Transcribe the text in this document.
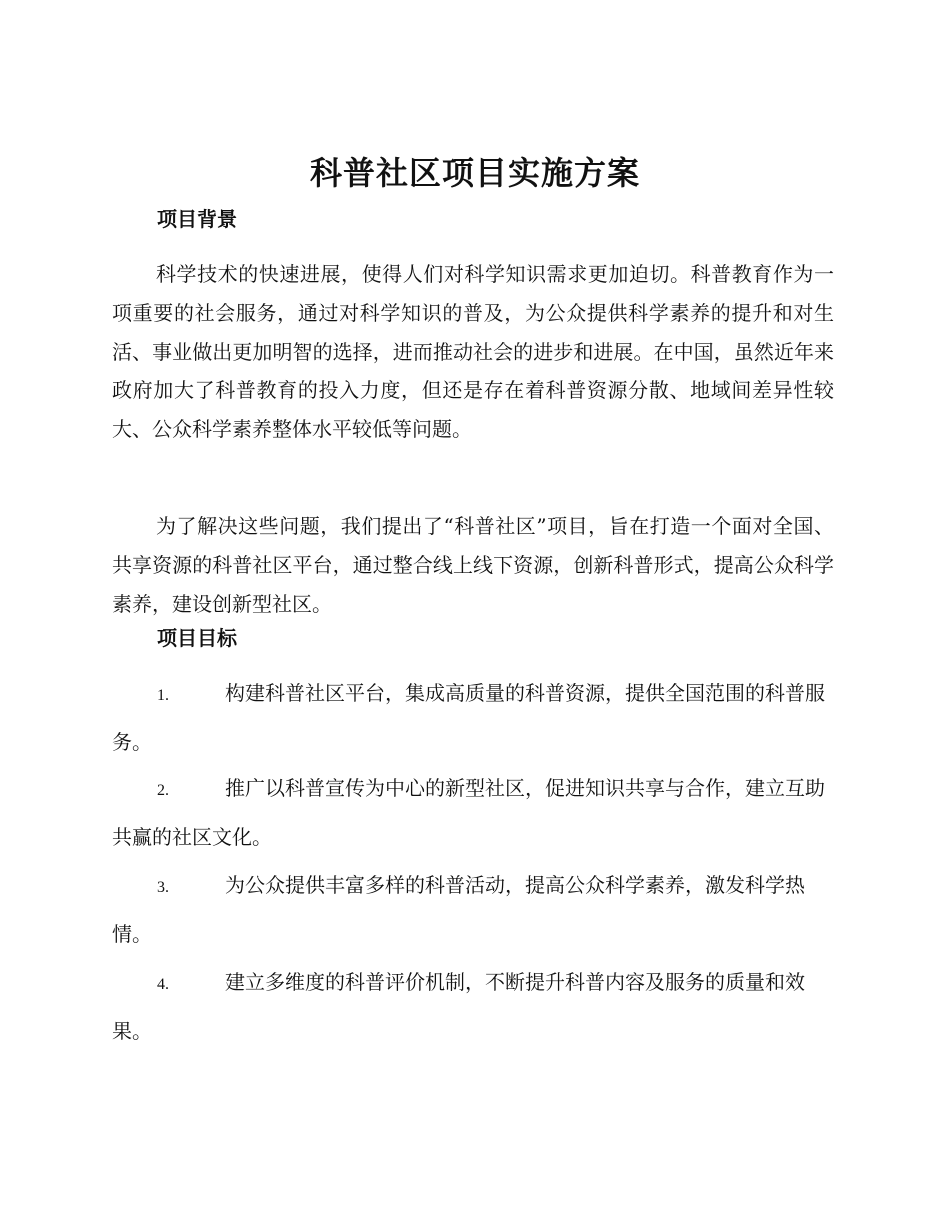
科普社区项目实施方案
项目背景

科学技术的快速进展，使得人们对科学知识需求更加迫切。科普教育作为一项重要的社会服务，通过对科学知识的普及，为公众提供科学素养的提升和对生活、事业做出更加明智的选择，进而推动社会的进步和进展。在中国，虽然近年来政府加大了科普教育的投入力度，但还是存在着科普资源分散、地域间差异性较大、公众科学素养整体水平较低等问题。

为了解决这些问题，我们提出了“科普社区”项目，旨在打造一个面对全国、共享资源的科普社区平台，通过整合线上线下资源，创新科普形式，提高公众科学素养，建设创新型社区。

项目目标
1.	构建科普社区平台，集成高质量的科普资源，提供全国范围的科普服务。
2.	推广以科普宣传为中心的新型社区，促进知识共享与合作，建立互助共赢的社区文化。
3.	为公众提供丰富多样的科普活动，提高公众科学素养，激发科学热情。
4.	建立多维度的科普评价机制，不断提升科普内容及服务的质量和效果。
